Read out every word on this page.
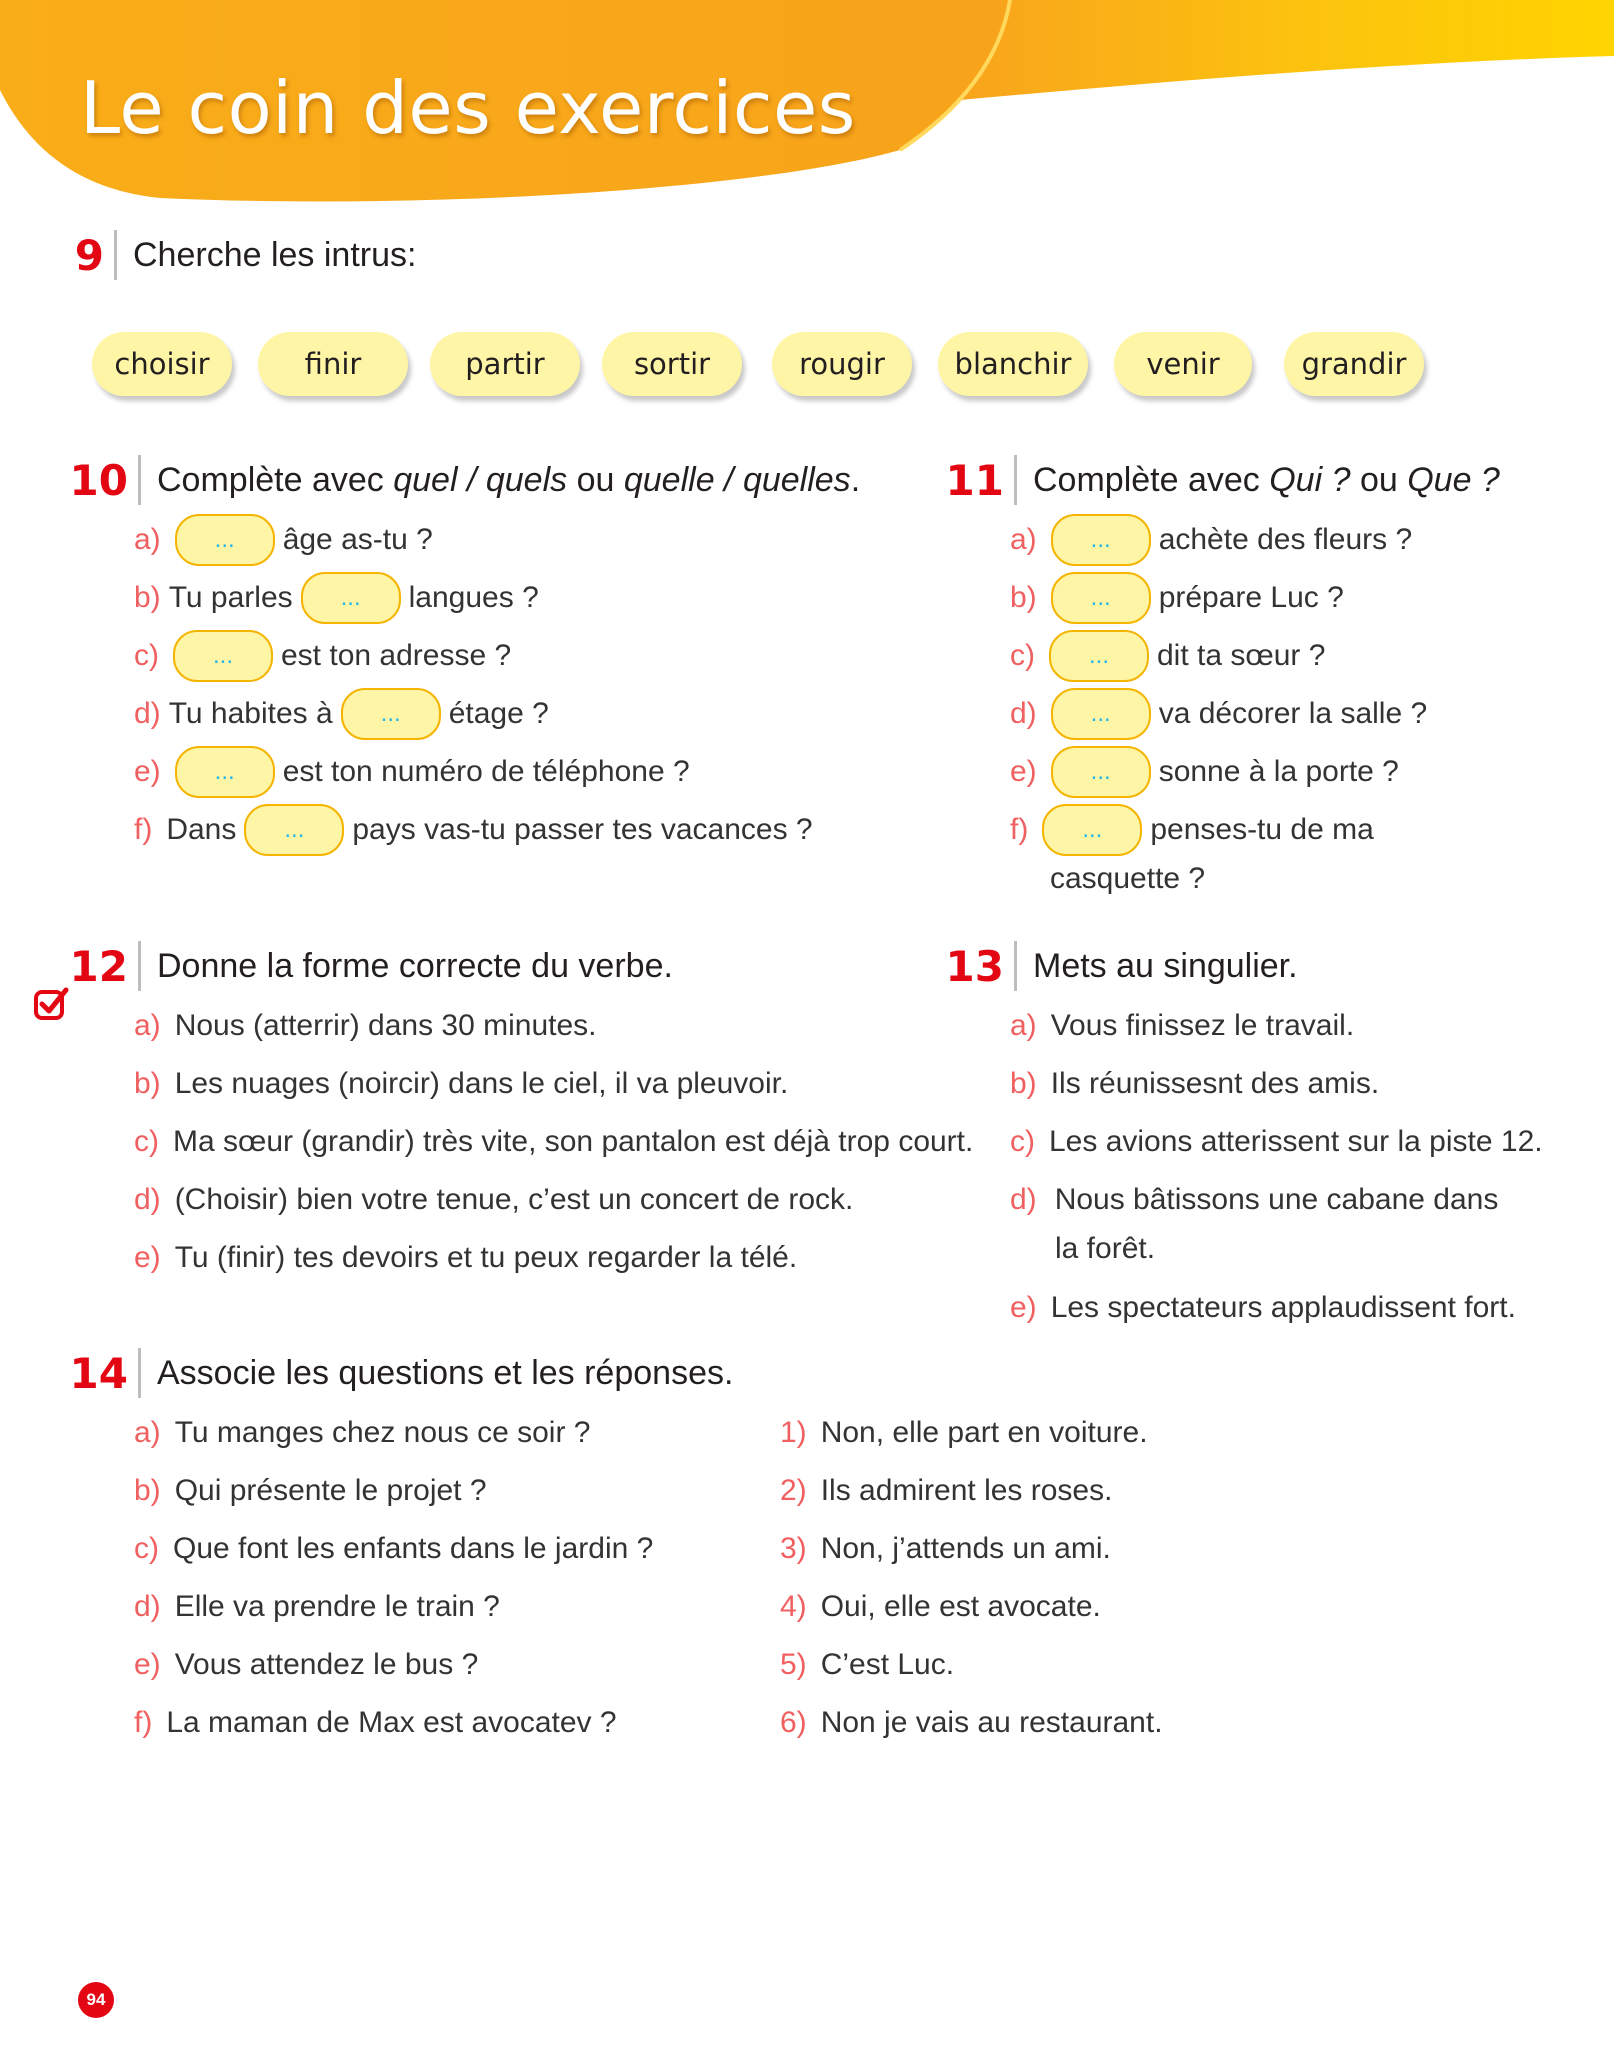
Le coin des exercices
9 Cherche les intrus:
choisir	finir	partir	sortir	rougir	blanchir	venir	grandir
10 Complète avec quel / quels ou quelle / quelles.
a)	...	âge as-tu ?
b) Tu parles	...	langues ?
c)	...	est ton adresse ?
d) Tu habites à	...	étage ?
e)	...	est ton numéro de téléphone ?
f) Dans	...	pays vas-tu passer tes vacances ?
11 Complète avec Qui ? ou Que ?
a)	...	achète des fleurs ?
b)	...	prépare Luc ?
c)	...	dit ta sœur ?
d)	...	va décorer la salle ?
e)	...	sonne à la porte ?
f)	...	penses-tu de ma
casquette ?
12 Donne la forme correcte du verbe.
a) Nous (atterrir) dans 30 minutes.
b) Les nuages (noircir) dans le ciel, il va pleuvoir.
c) Ma sœur (grandir) très vite, son pantalon est déjà trop court.
d) (Choisir) bien votre tenue, c’est un concert de rock.
e) Tu (finir) tes devoirs et tu peux regarder la télé.
13 Mets au singulier.
a) Vous finissez le travail.
b) Ils réunissesnt des amis.
c) Les avions atterissent sur la piste 12.
d) Nous bâtissons une cabane dans
la forêt.
e) Les spectateurs applaudissent fort.
14 Associe les questions et les réponses.
a) Tu manges chez nous ce soir ?
b) Qui présente le projet ?
c) Que font les enfants dans le jardin ?
d) Elle va prendre le train ?
e) Vous attendez le bus ?
f) La maman de Max est avocatev ?
1) Non, elle part en voiture.
2) Ils admirent les roses.
3) Non, j’attends un ami.
4) Oui, elle est avocate.
5) C’est Luc.
6) Non je vais au restaurant.
94
